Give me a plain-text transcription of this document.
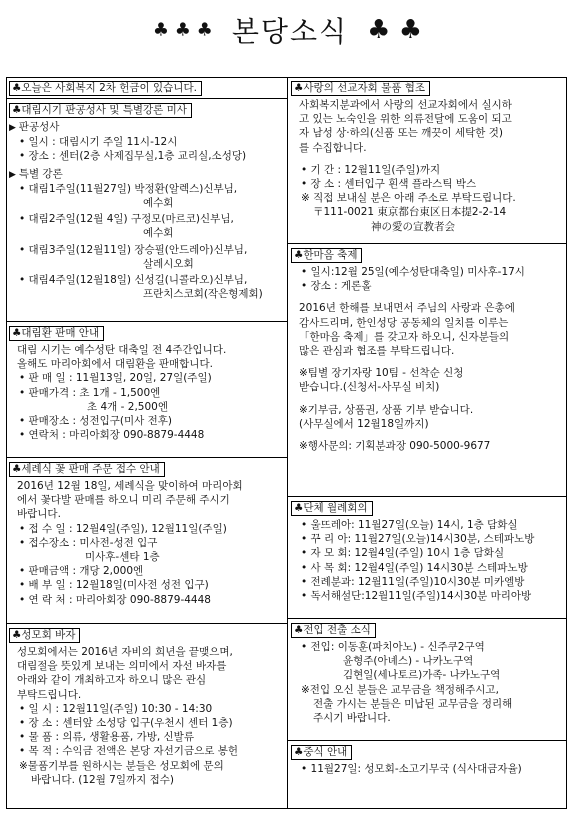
♣ ♣ ♣ 본당소식 ♣ ♣
♣오늘은 사회복지 2차 헌금이 있습니다.
♣대림시기 판공성사 및 특별강론 미사
▶ 판공성사
• 일시 : 대림시기 주일 11시-12시
• 장소 : 센터(2층 사제집무실,1층 교리실,소성당)
▶ 특별 강론
• 대림1주일(11월27일) 박정환(알렉스)신부님,
예수회
• 대림2주일(12월 4일) 구정모(마르코)신부님,
예수회
• 대림3주일(12월11일) 장승필(안드레아)신부님,
살레시오회
• 대림4주일(12월18일) 신성길(니콜라오)신부님,
프란치스코회(작은형제회)
♣대림환 판매 안내
대림 시기는 예수성탄 대축일 전 4주간입니다.
올해도 마리아회에서 대림환을 판매합니다.
• 판 매 일 : 11월13일, 20일, 27일(주일)
• 판매가격 : 초 1개 - 1,500엔
초 4개 - 2,500엔
• 판매장소 : 성전입구(미사 전후)
• 연락처 : 마리아회장 090-8879-4448
♣세례식 꽃 판매 주문 접수 안내
2016년 12월 18일, 세례식을 맞이하여 마리아회
에서 꽃다발 판매를 하오니 미리 주문해 주시기
바랍니다.
• 접 수 일 : 12월4일(주일), 12월11일(주일)
• 접수장소 : 미사전-성전 입구
미사후-센타 1층
• 판매금액 : 개당 2,000엔
• 배 부 일 : 12월18일(미사전 성전 입구)
• 연 락 처 : 마리아회장 090-8879-4448
♣성모회 바자
성모회에서는 2016년 자비의 희년을 끝맺으며,
대림절을 뜻있게 보내는 의미에서 자선 바자를
아래와 같이 개최하고자 하오니 많은 관심
부탁드립니다.
• 일 시 : 12월11일(주일) 10:30 - 14:30
• 장 소 : 센터앞 소성당 입구(우천시 센터 1층)
• 물 품 : 의류, 생활용품, 가방, 신발류
• 목 적 : 수익금 전액은 본당 자선기금으로 봉헌
※물품기부를 원하시는 분들은 성모회에 문의
바랍니다. (12월 7일까지 접수)
♣사랑의 선교자회 물품 협조
사회복지분과에서 사랑의 선교자회에서 실시하
고 있는 노숙인을 위한 의류전달에 도움이 되고
자 남성 상·하의(신품 또는 깨끗이 세탁한 것)
를 수집합니다.
• 기 간 : 12월11일(주일)까지
• 장 소 : 센터입구 흰색 플라스틱 박스
※ 직접 보내실 분은 아래 주소로 부탁드립니다.
〒111-0021 東京都台東区日本提2-2-14
神の愛の宣教者会
♣한마음 축제
• 일시:12월 25일(예수성탄대축일) 미사후-17시
• 장소 : 게론홀
2016년 한해를 보내면서 주님의 사랑과 은총에
감사드리며, 한인성당 공동체의 일치를 이루는
「한마음 축제」를 갖고자 하오니, 신자분들의
많은 관심과 협조를 부탁드립니다.
※팀별 장기자랑 10팀 - 선착순 신청
받습니다.(신청서-사무실 비치)
※기부금, 상품권, 상품 기부 받습니다.
(사무실에서 12월18일까지)
※행사문의: 기획분과장 090-5000-9677
♣단체 월례회의
• 울뜨레아: 11월27일(오늘) 14시, 1층 담화실
• 꾸 리 아: 11월27일(오늘)14시30분, 스테파노방
• 자 모 회: 12월4일(주일) 10시 1층 담화실
• 사 목 회: 12월4일(주일) 14시30분 스테파노방
• 전례분과: 12월11일(주일)10시30분 미카엘방
• 독서해설단:12월11일(주일)14시30분 마리아방
♣전입 전출 소식
• 전입: 이동훈(파치아노) - 신주쿠2구역
윤형주(아녜스) - 나카노구역
김현일(세나토르)가족- 나카노구역
※전입 오신 분들은 교무금을 책정해주시고,
전출 가시는 분들은 미납된 교무금을 정리해
주시기 바랍니다.
♣중식 안내
• 11월27일: 성모회-소고기무국 (식사대금자율)
